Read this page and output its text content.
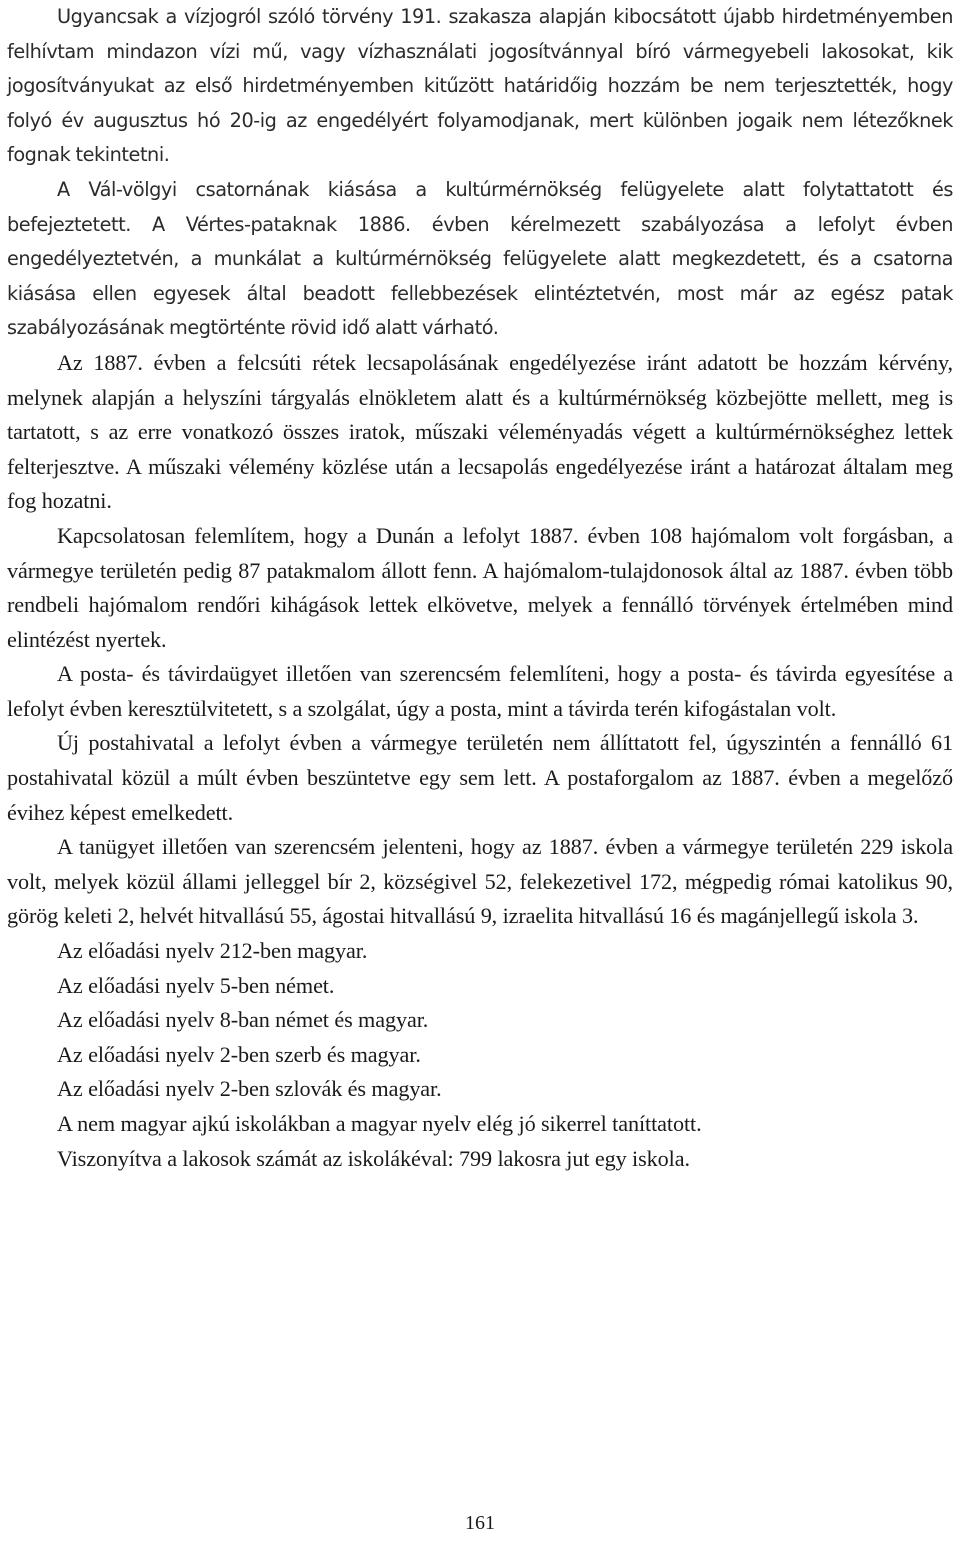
Ugyancsak a vízjogról szóló törvény 191. szakasza alapján kibocsátott újabb hirdetményemben felhívtam mindazon vízi mű, vagy vízhasználati jogosítvánnyal bíró vármegyebeli lakosokat, kik jogosítványukat az első hirdetményemben kitűzött határidőig hozzám be nem terjesztették, hogy folyó év augusztus hó 20-ig az engedélyért folyamodjanak, mert különben jogaik nem létezőknek fognak tekintetni.

A Vál-völgyi csatornának kiásása a kultúrmérnökség felügyelete alatt folytattatott és befejeztetett. A Vértes-pataknak 1886. évben kérelmezett szabályozása a lefolyt évben engedélyeztetvén, a munkálat a kultúrmérnökség felügyelete alatt megkezdetett, és a csatorna kiásása ellen egyesek által beadott fellebbezések elintéztetvén, most már az egész patak szabályozásának megtörténte rövid idő alatt várható.

Az 1887. évben a felcsúti rétek lecsapolásának engedélyezése iránt adatott be hozzám kérvény, melynek alapján a helyszíni tárgyalás elnökletem alatt és a kultúrmérnökség közbejötte mellett, meg is tartatott, s az erre vonatkozó összes iratok, műszaki véleményadás végett a kultúrmérnökséghez lettek felterjesztve. A műszaki vélemény közlése után a lecsapolás engedélyezése iránt a határozat általam meg fog hozatni.

Kapcsolatosan felemlítem, hogy a Dunán a lefolyt 1887. évben 108 hajómalom volt forgásban, a vármegye területén pedig 87 patakmalom állott fenn. A hajómalom-tulajdonosok által az 1887. évben több rendbeli hajómalom rendőri kihágások lettek elkövetve, melyek a fennálló törvények értelmében mind elintézést nyertek.

A posta- és távirdaügyet illetően van szerencsém felemlíteni, hogy a posta- és távirda egyesítése a lefolyt évben keresztülvitetett, s a szolgálat, úgy a posta, mint a távirda terén kifogástalan volt.

Új postahivatal a lefolyt évben a vármegye területén nem állíttatott fel, úgyszintén a fennálló 61 postahivatal közül a múlt évben beszüntetve egy sem lett. A postaforgalom az 1887. évben a megelőző évihez képest emelkedett.

A tanügyet illetően van szerencsém jelenteni, hogy az 1887. évben a vármegye területén 229 iskola volt, melyek közül állami jelleggel bír 2, községivel 52, felekezetivel 172, mégpedig római katolikus 90, görög keleti 2, helvét hitvallású 55, ágostai hitvallású 9, izraelita hitvallású 16 és magánjellegű iskola 3.

Az előadási nyelv 212-ben magyar.

Az előadási nyelv 5-ben német.

Az előadási nyelv 8-ban német és magyar.

Az előadási nyelv 2-ben szerb és magyar.

Az előadási nyelv 2-ben szlovák és magyar.

A nem magyar ajkú iskolákban a magyar nyelv elég jó sikerrel taníttatott.

Viszonyítva a lakosok számát az iskolákéval: 799 lakosra jut egy iskola.

161
